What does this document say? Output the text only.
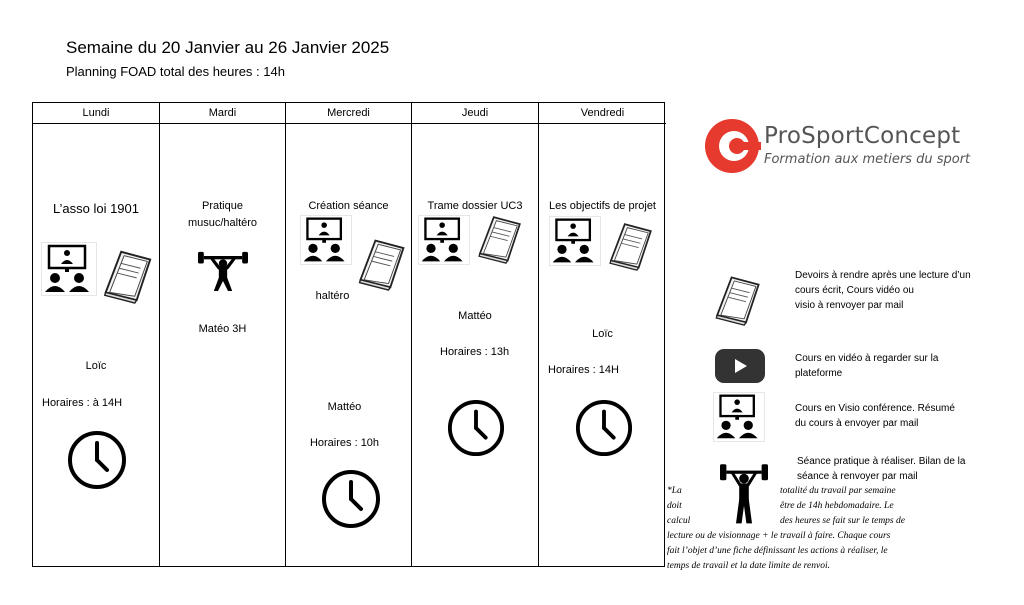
Semaine du 20 Janvier au 26 Janvier 2025
Planning FOAD total des heures : 14h
Lundi
L’asso loi 1901
Loïc
Horaires : à 14H
Mardi
Pratique
musuc/haltéro
Matéo 3H
Mercredi
Création séance
haltéro
Mattéo
Horaires : 10h
Jeudi
Trame dossier UC3
Mattéo
Horaires : 13h
Vendredi
Les objectifs de projet
Loïc
Horaires : 14H
ProSportConcept
Formation aux metiers du sport
Devoirs à rendre après une lecture d’un
cours écrit, Cours vidéo ou
visio à renvoyer par mail
Cours en vidéo à regarder sur la
plateforme
Cours en Visio conférence. Résumé
du cours à envoyer par mail
Séance pratique à réaliser. Bilan de la
séance à renvoyer par mail
*La
doit
calcul
totalité du travail par semaine
être de 14h hebdomadaire. Le
des heures se fait sur le temps de
lecture ou de visionnage + le travail à faire. Chaque cours
fait l’objet d’une fiche définissant les actions à réaliser, le
temps de travail et la date limite de renvoi.
